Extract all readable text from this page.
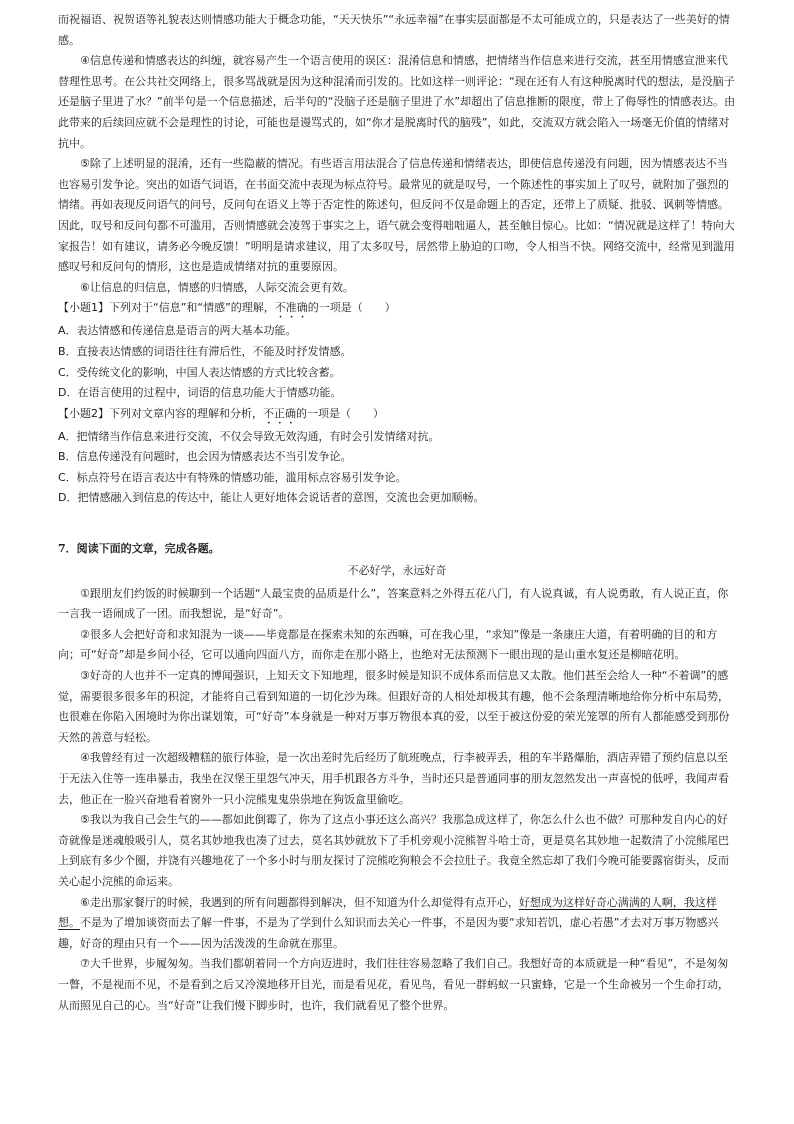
而祝福语、祝贺语等礼貌表达则情感功能大于概念功能，“天天快乐”“永远幸福”在事实层面都是不太可能成立的，只是表达了一些美好的情感。

④信息传递和情感表达的纠缠，就容易产生一个语言使用的误区：混淆信息和情感，把情绪当作信息来进行交流，甚至用情感宣泄来代替理性思考。在公共社交网络上，很多骂战就是因为这种混淆而引发的。比如这样一则评论：“现在还有人有这种脱离时代的想法，是没脑子还是脑子里进了水？”前半句是一个信息描述，后半句的“没脑子还是脑子里进了水”却超出了信息推断的限度，带上了侮辱性的情感表达。由此带来的后续回应就不会是理性的讨论，可能也是谩骂式的，如“你才是脱离时代的脑残”，如此，交流双方就会陷入一场毫无价值的情绪对抗中。

⑤除了上述明显的混淆，还有一些隐蔽的情况。有些语言用法混合了信息传递和情绪表达，即使信息传递没有问题，因为情感表达不当也容易引发争论。突出的如语气词语，在书面交流中表现为标点符号。最常见的就是叹号，一个陈述性的事实加上了叹号，就附加了强烈的情绪。再如表现反问语气的问号，反问句在语义上等于否定性的陈述句，但反问不仅是命题上的否定，还带上了质疑、批驳、讽刺等情感。因此，叹号和反问句都不可滥用，否则情感就会凌驾于事实之上，语气就会变得咄咄逼人，甚至触目惊心。比如：“情况就是这样了！特向大家报告！如有建议，请务必今晚反馈！”明明是请求建议，用了太多叹号，居然带上胁迫的口吻，令人相当不快。网络交流中，经常见到滥用感叹号和反问句的情形，这也是造成情绪对抗的重要原因。

⑥让信息的归信息，情感的归情感，人际交流会更有效。

【小题1】下列对于“信息”和“情感”的理解，不准确的一项是（　　）

A．表达情感和传递信息是语言的两大基本功能。

B．直接表达情感的词语往往有滞后性，不能及时抒发情感。

C．受传统文化的影响，中国人表达情感的方式比较含蓄。

D．在语言使用的过程中，词语的信息功能大于情感功能。

【小题2】下列对文章内容的理解和分析，不正确的一项是（　　）

A．把情绪当作信息来进行交流，不仅会导致无效沟通，有时会引发情绪对抗。

B．信息传递没有问题时，也会因为情感表达不当引发争论。

C．标点符号在语言表达中有特殊的情感功能，滥用标点容易引发争论。

D．把情感融入到信息的传达中，能让人更好地体会说话者的意图，交流也会更加顺畅。

7．阅读下面的文章，完成各题。

不必好学，永远好奇

①跟朋友们约饭的时候聊到一个话题“人最宝贵的品质是什么”，答案意料之外得五花八门，有人说真诚，有人说勇敢，有人说正直，你一言我一语闹成了一团。而我想说，是“好奇”。

②很多人会把好奇和求知混为一谈——毕竟都是在探索未知的东西嘛，可在我心里，“求知”像是一条康庄大道，有着明确的目的和方向；可“好奇”却是乡间小径，它可以通向四面八方，而你走在那小路上，也绝对无法预测下一眼出现的是山重水复还是柳暗花明。

③好奇的人也并不一定真的博闻强识，上知天文下知地理，很多时候是知识不成体系而信息又太散。他们甚至会给人一种“不着调”的感觉，需要很多很多年的积淀，才能将自己看到知道的一切化沙为珠。但跟好奇的人相处却极其有趣，他不会条理清晰地给你分析中东局势，也很难在你陷入困境时为你出谋划策，可“好奇”本身就是一种对万事万物很本真的爱，以至于被这份爱的荣光笼罩的所有人都能感受到那份天然的善意与轻松。

④我曾经有过一次超级糟糕的旅行体验，是一次出差时先后经历了航班晚点，行李被弄丢，租的车半路爆胎，酒店弄错了预约信息以至于无法入住等一连串暴击，我坐在汉堡王里怨气冲天，用手机跟各方斗争，当时还只是普通同事的朋友忽然发出一声喜悦的低呼，我闻声看去，他正在一脸兴奋地看着窗外一只小浣熊鬼鬼祟祟地在狗饭盒里偷吃。

⑤我以为我自己会生气的——都如此倒霉了，你为了这点小事还这么高兴？我那急成这样了，你怎么什么也不做？可那种发自内心的好奇就像是迷魂般吸引人，莫名其妙地我也凑了过去，莫名其妙就放下了手机旁观小浣熊智斗哈士奇，更是莫名其妙地一起数清了小浣熊尾巴上到底有多少个圈，并饶有兴趣地花了一个多小时与朋友探讨了浣熊吃狗粮会不会拉肚子。我竟全然忘却了我们今晚可能要露宿街头，反而关心起小浣熊的命运来。

⑥走出那家餐厅的时候，我遇到的所有问题都得到解决，但不知道为什么却觉得有点开心，好想成为这样好奇心满满的人啊，我这样想。不是为了增加谈资而去了解一件事，不是为了学到什么知识而去关心一件事，不是因为要“求知若饥，虚心若愚”才去对万事万物感兴趣，好奇的理由只有一个——因为活泼泼的生命就在那里。

⑦大千世界，步履匆匆。当我们都朝着同一个方向迈进时，我们往往容易忽略了我们自己。我想好奇的本质就是一种“看见”，不是匆匆一瞥，不是视而不见，不是看到之后又冷漠地移开目光，而是看见花，看见鸟，看见一群蚂蚁一只蜜蜂，它是一个生命被另一个生命打动，从而照见自己的心。当“好奇”让我们慢下脚步时，也许，我们就看见了整个世界。
